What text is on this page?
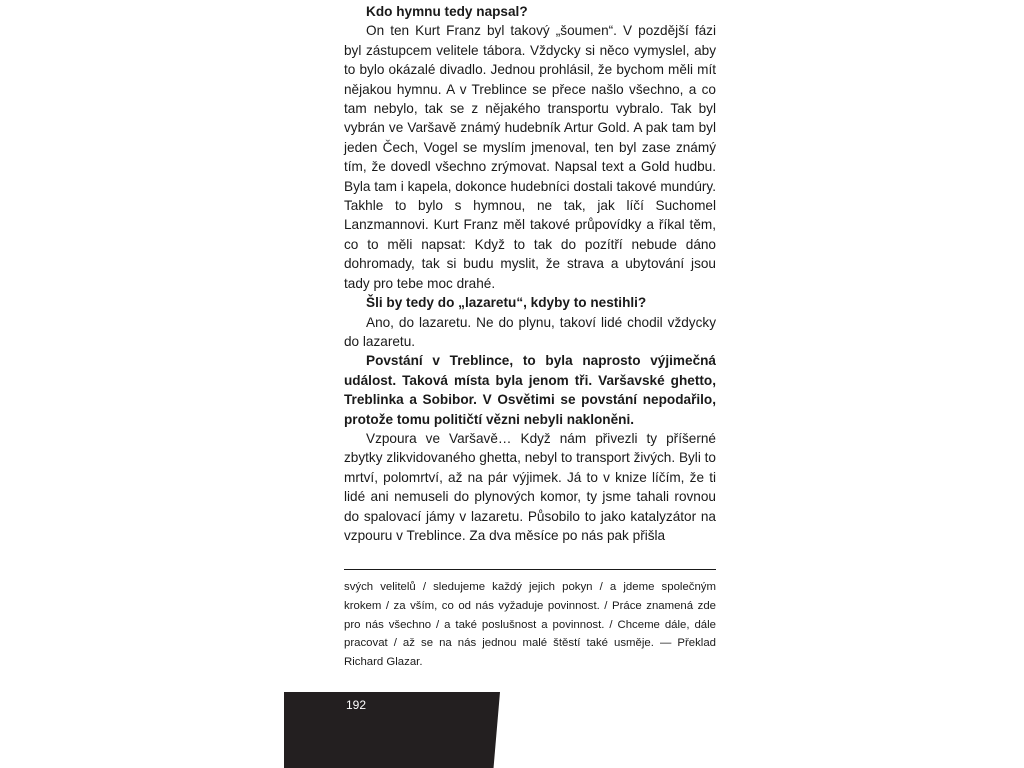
Kdo hymnu tedy napsal?

On ten Kurt Franz byl takový „šoumen“. V pozdější fázi byl zástupcem velitele tábora. Vždycky si něco vymyslel, aby to bylo okázalé divadlo. Jednou prohlásil, že bychom měli mít nějakou hymnu. A v Treblince se přece našlo všechno, a co tam nebylo, tak se z nějakého transportu vybralo. Tak byl vybrán ve Varšavě známý hudebník Artur Gold. A pak tam byl jeden Čech, Vogel se myslím jmenoval, ten byl zase známý tím, že dovedl všechno zrýmovat. Napsal text a Gold hudbu. Byla tam i kapela, dokonce hudebníci dostali takové mundúry. Takhle to bylo s hymnou, ne tak, jak líčí Suchomel Lanzmannovi. Kurt Franz měl takové průpovídky a říkal těm, co to měli napsat: Když to tak do pozítří nebude dáno dohromady, tak si budu myslit, že strava a ubytování jsou tady pro tebe moc drahé.

Šli by tedy do „lazaretu“, kdyby to nestihli?

Ano, do lazaretu. Ne do plynu, takoví lidé chodil vždycky do lazaretu.

Povstání v Treblince, to byla naprosto výjimečná událost. Taková místa byla jenom tři. Varšavské ghetto, Treblinka a Sobibor. V Osvětimi se povstání nepodařilo, protože tomu političtí vězni nebyli nakloněni.

Vzpoura ve Varšavě… Když nám přivezli ty příšerné zbytky zlikvidovaného ghetta, nebyl to transport živých. Byli to mrtví, polomrtví, až na pár výjimek. Já to v knize líčím, že ti lidé ani nemuseli do plynových komor, ty jsme tahali rovnou do spalovací jámy v lazaretu. Působilo to jako katalyzátor na vzpouru v Treblince. Za dva měsíce po nás pak přišla

svých velitelů / sledujeme každý jejich pokyn / a jdeme společným krokem / za vším, co od nás vyžaduje povinnost. / Práce znamená zde pro nás všechno / a také poslušnost a povinnost. / Chceme dále, dále pracovat / až se na nás jednou malé štěstí také usměje. — Překlad Richard Glazar.

192
